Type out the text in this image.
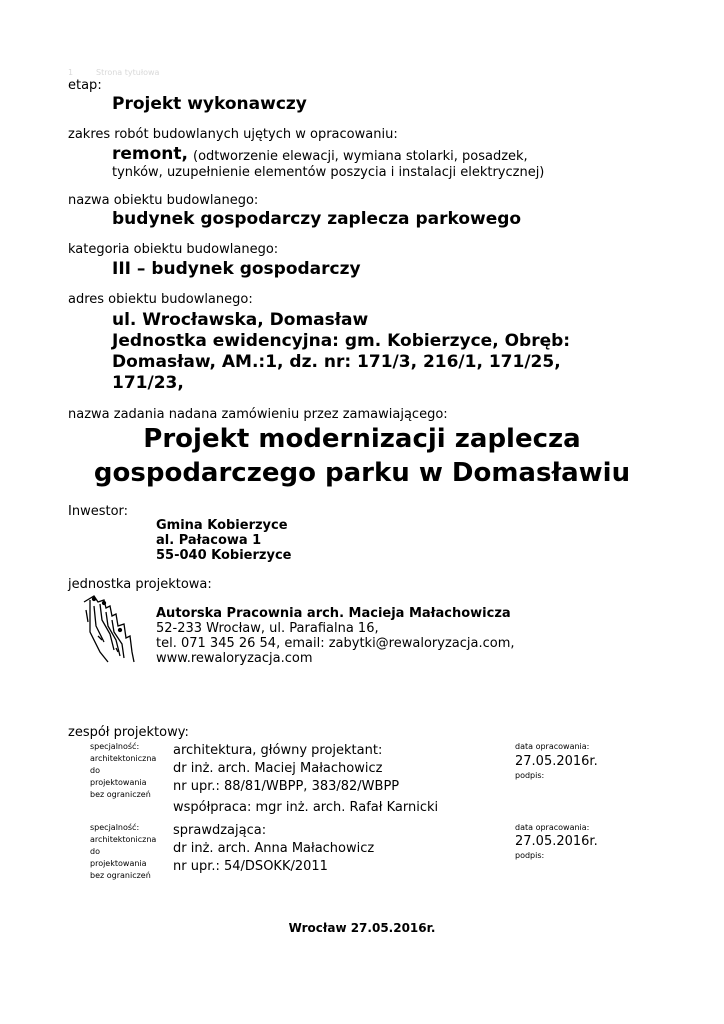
1	Strona tytułowa
etap:
Projekt wykonawczy
zakres robót budowlanych ujętych w opracowaniu:
remont, (odtworzenie elewacji, wymiana stolarki, posadzek,
tynków, uzupełnienie elementów poszycia i instalacji elektrycznej)
nazwa obiektu budowlanego:
budynek gospodarczy zaplecza parkowego
kategoria obiektu budowlanego:
III – budynek gospodarczy
adres obiektu budowlanego:
ul. Wrocławska, Domasław
Jednostka ewidencyjna: gm. Kobierzyce, Obręb:
Domasław, AM.:1, dz. nr: 171/3, 216/1, 171/25,
171/23,
nazwa zadania nadana zamówieniu przez zamawiającego:
Projekt modernizacji zaplecza
gospodarczego parku w Domasławiu
Inwestor:
Gmina Kobierzyce
al. Pałacowa 1
55-040 Kobierzyce
jednostka projektowa:
Autorska Pracownia arch. Macieja Małachowicza
52-233 Wrocław, ul. Parafialna 16,
tel. 071 345 26 54, email: zabytki@rewaloryzacja.com,
www.rewaloryzacja.com
zespół projektowy:
specjalność:
architektoniczna
do
projektowania
bez ograniczeń
architektura, główny projektant:
dr inż. arch. Maciej Małachowicz
nr upr.: 88/81/WBPP, 383/82/WBPP
data opracowania:
27.05.2016r.
podpis:
współpraca: mgr inż. arch. Rafał Karnicki
specjalność:
architektoniczna
do
projektowania
bez ograniczeń
sprawdzająca:
dr inż. arch. Anna Małachowicz
nr upr.: 54/DSOKK/2011
data opracowania:
27.05.2016r.
podpis:
Wrocław 27.05.2016r.
